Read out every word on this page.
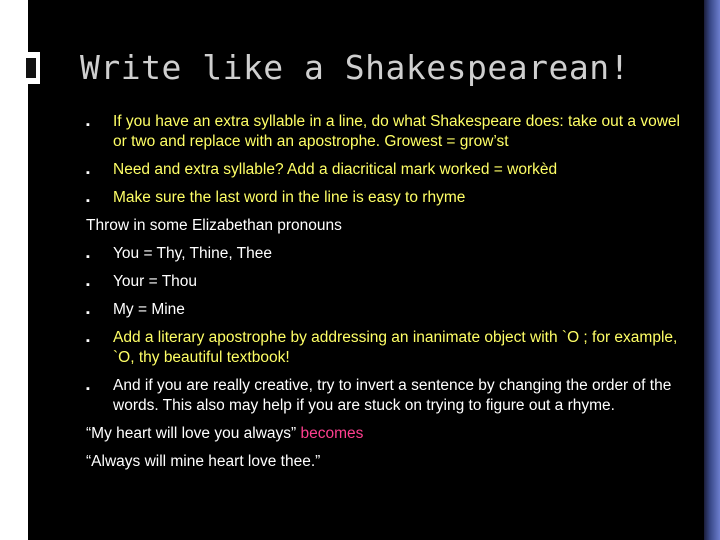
Write like a Shakespearean!
▪ If you have an extra syllable in a line, do what Shakespeare does: take out a vowel or two and replace with an apostrophe. Growest = grow’st
▪ Need and extra syllable? Add a diacritical mark worked = workèd
▪ Make sure the last word in the line is easy to rhyme
Throw in some Elizabethan pronouns
▪ You = Thy, Thine, Thee
▪ Your = Thou
▪ My = Mine
▪ Add a literary apostrophe by addressing an inanimate object with `O ; for example, `O, thy beautiful textbook!
▪ And if you are really creative, try to invert a sentence by changing the order of the words. This also may help if you are stuck on trying to figure out a rhyme.
“My heart will love you always” becomes
“Always will mine heart love thee.”
